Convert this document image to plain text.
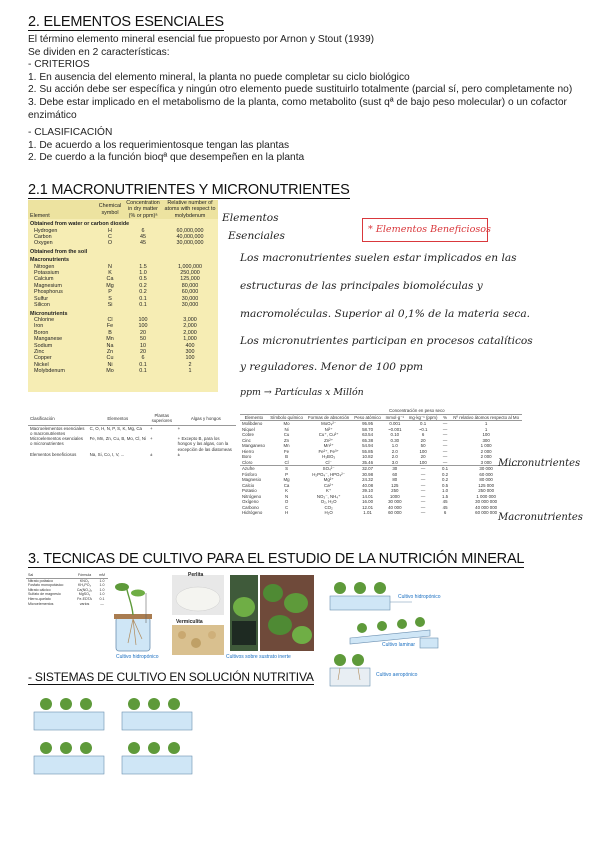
2. ELEMENTOS ESENCIALES
El término elemento mineral esencial fue propuesto por Arnon y Stout (1939)
Se dividen en 2 características:
- CRITERIOS
1. En ausencia del elemento mineral, la planta no puede completar su ciclo biológico
2. Su acción debe ser específica y ningún otro elemento puede sustituirlo totalmente (parcial sí, pero completamente no)
3. Debe estar implicado en el metabolismo de la planta, como metabolito (sust qª de bajo peso molecular) o un cofactor
enzimático
- CLASIFICACIÓN
1. De acuerdo a los requerimientosque tengan las plantas
2. De cuerdo a la función bioqª que desempeñen en la planta
2.1 MACRONUTRIENTES Y MICRONUTRIENTES
Element	Chemical symbol	Concentration in dry matter (% or ppm)ᵃ	Relative number of atoms with respect to molybdenum
Obtained from water or carbon dioxide			
Hydrogen	H	6	60,000,000
Carbon	C	45	40,000,000
Oxygen	O	45	30,000,000
Obtained from the soil			
Macronutrients			
Nitrogen	N	1.5	1,000,000
Potassium	K	1.0	250,000
Calcium	Ca	0.5	125,000
Magnesium	Mg	0.2	80,000
Phosphorus	P	0.2	60,000
Sulfur	S	0.1	30,000
Silicon	Si	0.1	30,000
Micronutrients			
Chlorine	Cl	100	3,000
Iron	Fe	100	2,000
Boron	B	20	2,000
Manganese	Mn	50	1,000
Sodium	Na	10	400
Zinc	Zn	20	300
Copper	Cu	6	100
Nickel	Ni	0.1	2
Molybdenum	Mo	0.1	1
Elementos
Esenciales
* Elementos Beneficiosos
Los macronutrientes suelen estar implicados en las
estructuras de las principales biomoléculas y
macromoléculas. Superior al 0,1% de la materia seca.
Los micronutrientes participan en procesos catalíticos
y reguladores. Menor de 100 ppm
ppm → Partículas x Millón
Clasificación	Elementos	Plantas superiores	Algas y hongos
Macroelementos esenciales o macronutrientes	C, O, H, N, P, S, K, Mg, Ca	+	+
Microelementos esenciales o micronutrientes	Fe, Mn, Zn, Cu, B, Mo, Cl, Ni	+	+ Excepto B, para los hongos y las algas, con la excepción de las diatomeas
Elementos beneficiosos	Na, Si, Co, I, V, ...	±	±
				Concentración en peso seco			
Elemento	Símbolo químico	Formas de absorción	Peso atómico	mmol·g⁻¹	mg·kg⁻¹ (ppm)	%	Nº relativo átomos respecto al Mo
Molibdeno	Mo	MoO₄²⁻	95.95	0.001	0.1	—	1
Níquel	Ni	Ni²⁺	58.70	~0.001	~0.1	—	1
Cobre	Cu	Cu⁺, Cu²⁺	63.54	0.10	6	—	100
Cinc	Zn	Zn²⁺	65.38	0.30	20	—	300
Manganeso	Mn	Mn²⁺	54.94	1.0	50	—	1 000
Hierro	Fe	Fe²⁺, Fe³⁺	55.85	2.0	100	—	2 000
Boro	B	H₃BO₃	10.82	2.0	20	—	2 000
Cloro	Cl	Cl⁻	35.46	3.0	100	—	3 000
Azufre	S	SO₄²⁻	32.07	30	—	0.1	30 000
Fósforo	P	H₂PO₄⁻, HPO₄²⁻	30.98	60	—	0.2	60 000
Magnesio	Mg	Mg²⁺	24.32	80	—	0.2	80 000
Calcio	Ca	Ca²⁺	40.08	125	—	0.5	125 000
Potasio	K	K⁺	39.10	250	—	1.0	250 000
Nitrógeno	N	NO₃⁻, NH₄⁺	14.01	1000	—	1.5	1 000 000
Oxígeno	O	O₂, H₂O	16.00	30 000	—	45	30 000 000
Carbono	C	CO₂	12.01	40 000	—	45	40 000 000
Hidrógeno	H	H₂O	1.01	60 000	—	6	60 000 000
Micronutrientes
Macronutrientes
3. TECNICAS DE CULTIVO PARA EL ESTUDIO DE LA NUTRICIÓN MINERAL
Sal	Fórmula	mM
Nitrato potásico	KNO₃	1.0
Fosfato monopotásico	KH₂PO₄	1.0
Nitrato cálcico	Ca(NO₃)₂	1.0
Sulfato de magnesio	MgSO₄	1.0
Hierro-quelato	Fe-EDTA	0.1
Microelementos	varios	—
Perlita
Vermiculita
Cultivo hidropónico	Cultivos sobre sustrato inerte
Cultivo hidropónico
Cultivo laminar
Cultivo aeropónico
- SISTEMAS DE CULTIVO EN SOLUCIÓN NUTRITIVA
